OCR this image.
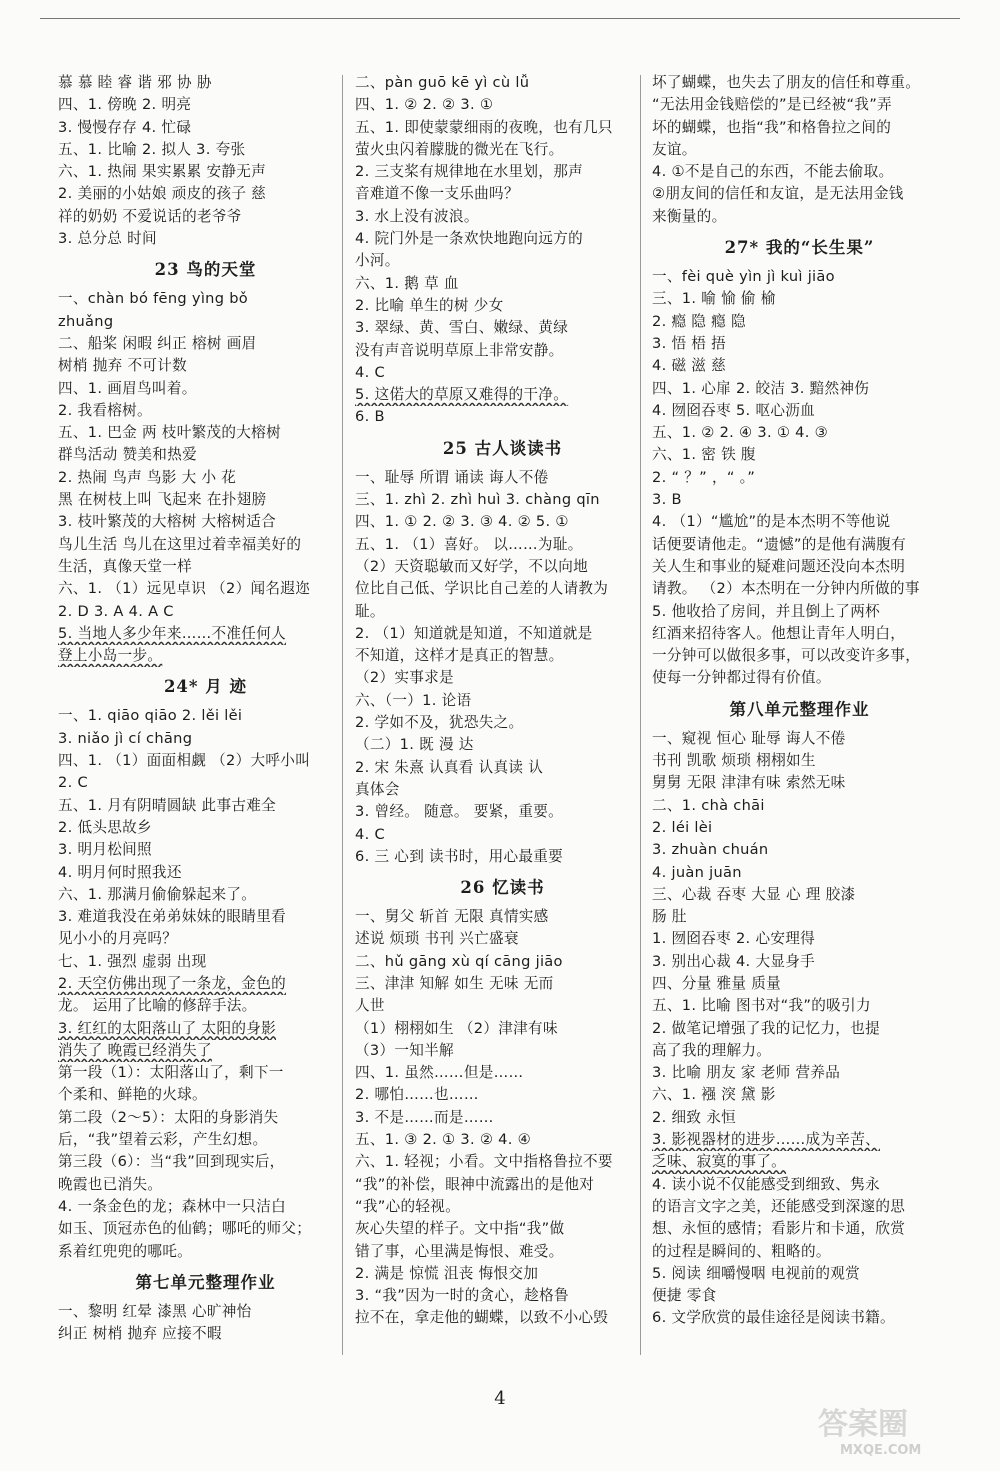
慕 慕 睦 睿 谐 邪 协 胁
四、1. 傍晚 2. 明亮
3. 慢慢存存 4. 忙碌
五、1. 比喻 2. 拟人 3. 夸张
六、1. 热闹 果实累累 安静无声
2. 美丽的小姑娘 顽皮的孩子 慈
祥的奶奶 不爱说话的老爷爷
3. 总分总 时间
23 鸟的天堂
一、chàn bó fēng yìng bǒ
zhuǎng
二、船桨 闲暇 纠正 榕树 画眉
树梢 抛弃 不可计数
四、1. 画眉鸟叫着。
2. 我看榕树。
五、1. 巴金 两 枝叶繁茂的大榕树
群鸟活动 赞美和热爱
2. 热闹 鸟声 鸟影 大 小 花
黑 在树枝上叫 飞起来 在扑翅膀
3. 枝叶繁茂的大榕树 大榕树适合
鸟儿生活 鸟儿在这里过着幸福美好的
生活，真像天堂一样
六、1. （1）远见卓识 （2）闻名遐迩
2. D 3. A 4. A C
5. 当地人多少年来……不准任何人
登上小岛一步。
24* 月 迹
一、1. qiāo qiāo 2. lěi lěi
3. niǎo jì cí chāng
四、1. （1）面面相觑 （2）大呼小叫
2. C
五、1. 月有阴晴圆缺 此事古难全
2. 低头思故乡
3. 明月松间照
4. 明月何时照我还
六、1. 那满月偷偷躲起来了。
3. 难道我没在弟弟妹妹的眼睛里看
见小小的月亮吗？
七、1. 强烈 虚弱 出现
2. 天空仿佛出现了一条龙，金色的
龙。 运用了比喻的修辞手法。
3. 红红的太阳落山了 太阳的身影
消失了 晚霞已经消失了
第一段（1）：太阳落山了，剩下一
个柔和、鲜艳的火球。
第二段（2～5）：太阳的身影消失
后，“我”望着云彩，产生幻想。
第三段（6）：当“我”回到现实后，
晚霞也已消失。
4. 一条金色的龙；森林中一只洁白
如玉、顶冠赤色的仙鹤；哪吒的师父；
系着红兜兜的哪吒。
第七单元整理作业
一、黎明 红晕 漆黑 心旷神怡
纠正 树梢 抛弃 应接不暇
二、pàn guō kē yì cù lǚ
四、1. ② 2. ② 3. ①
五、1. 即使蒙蒙细雨的夜晚，也有几只
萤火虫闪着朦胧的微光在飞行。
2. 三支桨有规律地在水里划，那声
音难道不像一支乐曲吗？
3. 水上没有波浪。
4. 院门外是一条欢快地跑向远方的
小河。
六、1. 鹅 草 血
2. 比喻 单生的树 少女
3. 翠绿、黄、雪白、嫩绿、黄绿
没有声音说明草原上非常安静。
4. C
5. 这偌大的草原又难得的干净。
6. B
25 古人谈读书
一、耻辱 所谓 诵读 诲人不倦
三、1. zhì 2. zhì huì 3. chàng qīn
四、1. ① 2. ② 3. ③ 4. ② 5. ①
五、1. （1）喜好。 以……为耻。
（2）天资聪敏而又好学，不以向地
位比自己低、学识比自己差的人请教为
耻。
2. （1）知道就是知道，不知道就是
不知道，这样才是真正的智慧。
（2）实事求是
六、（一）1. 论语
2. 学如不及，犹恐失之。
（二）1. 既 漫 达
2. 宋 朱熹 认真看 认真读 认
真体会
3. 曾经。 随意。 要紧，重要。
4. C
6. 三 心到 读书时，用心最重要
26 忆读书
一、舅父 斩首 无限 真情实感
述说 烦琐 书刊 兴亡盛衰
二、hǔ gāng xù qí cāng jiāo
三、津津 知解 如生 无味 无而
人世
（1）栩栩如生 （2）津津有味
（3）一知半解
四、1. 虽然……但是……
2. 哪怕……也……
3. 不是……而是……
五、1. ③ 2. ① 3. ② 4. ④
六、1. 轻视；小看。文中指格鲁拉不要
“我”的补偿，眼神中流露出的是他对
“我”心的轻视。
灰心失望的样子。文中指“我”做
错了事，心里满是悔恨、难受。
2. 满是 惊慌 沮丧 悔恨交加
3. “我”因为一时的贪心，趁格鲁
拉不在，拿走他的蝴蝶，以致不小心毁
坏了蝴蝶，也失去了朋友的信任和尊重。
“无法用金钱赔偿的”是已经被“我”弄
坏的蝴蝶，也指“我”和格鲁拉之间的
友谊。
4. ①不是自己的东西，不能去偷取。
②朋友间的信任和友谊，是无法用金钱
来衡量的。
27* 我的“长生果”
一、fèi què yìn jì kuì jiāo
三、1. 喻 愉 偷 榆
2. 瘾 隐 瘾 隐
3. 悟 梧 捂
4. 磁 滋 慈
四、1. 心扉 2. 皎洁 3. 黯然神伤
4. 囫囵吞枣 5. 呕心沥血
五、1. ② 2. ④ 3. ① 4. ③
六、1. 密 铁 腹
2. “ ？” ，“ 。”
3. B
4. （1）“尴尬”的是本杰明不等他说
话便要请他走。“遗憾”的是他有满腹有
关人生和事业的疑难问题还没向本杰明
请教。 （2）本杰明在一分钟内所做的事
5. 他收拾了房间，并且倒上了两杯
红酒来招待客人。他想让青年人明白，
一分钟可以做很多事，可以改变许多事，
使每一分钟都过得有价值。
第八单元整理作业
一、窥视 恒心 耻辱 诲人不倦
书刊 凯歌 烦琐 栩栩如生
舅舅 无限 津津有味 索然无味
二、1. chà chāi
2. léi lèi
3. zhuàn chuán
4. juàn juān
三、心裁 吞枣 大显 心 理 胶漆
肠 肚
1. 囫囵吞枣 2. 心安理得
3. 别出心裁 4. 大显身手
四、分量 雅量 质量
五、1. 比喻 图书对“我”的吸引力
2. 做笔记增强了我的记忆力，也提
高了我的理解力。
3. 比喻 朋友 家 老师 营养品
六、1. 襁 湥 黛 影
2. 细致 永恒
3. 影视器材的进步……成为辛苦、
乏味、寂寞的事了。
4. 读小说不仅能感受到细致、隽永
的语言文字之美，还能感受到深邃的思
想、永恒的感情；看影片和卡通，欣赏
的过程是瞬间的、粗略的。
5. 阅读 细嚼慢咽 电视前的观赏
便捷 零食
6. 文学欣赏的最佳途径是阅读书籍。
4
答案圈
MXQE.COM
